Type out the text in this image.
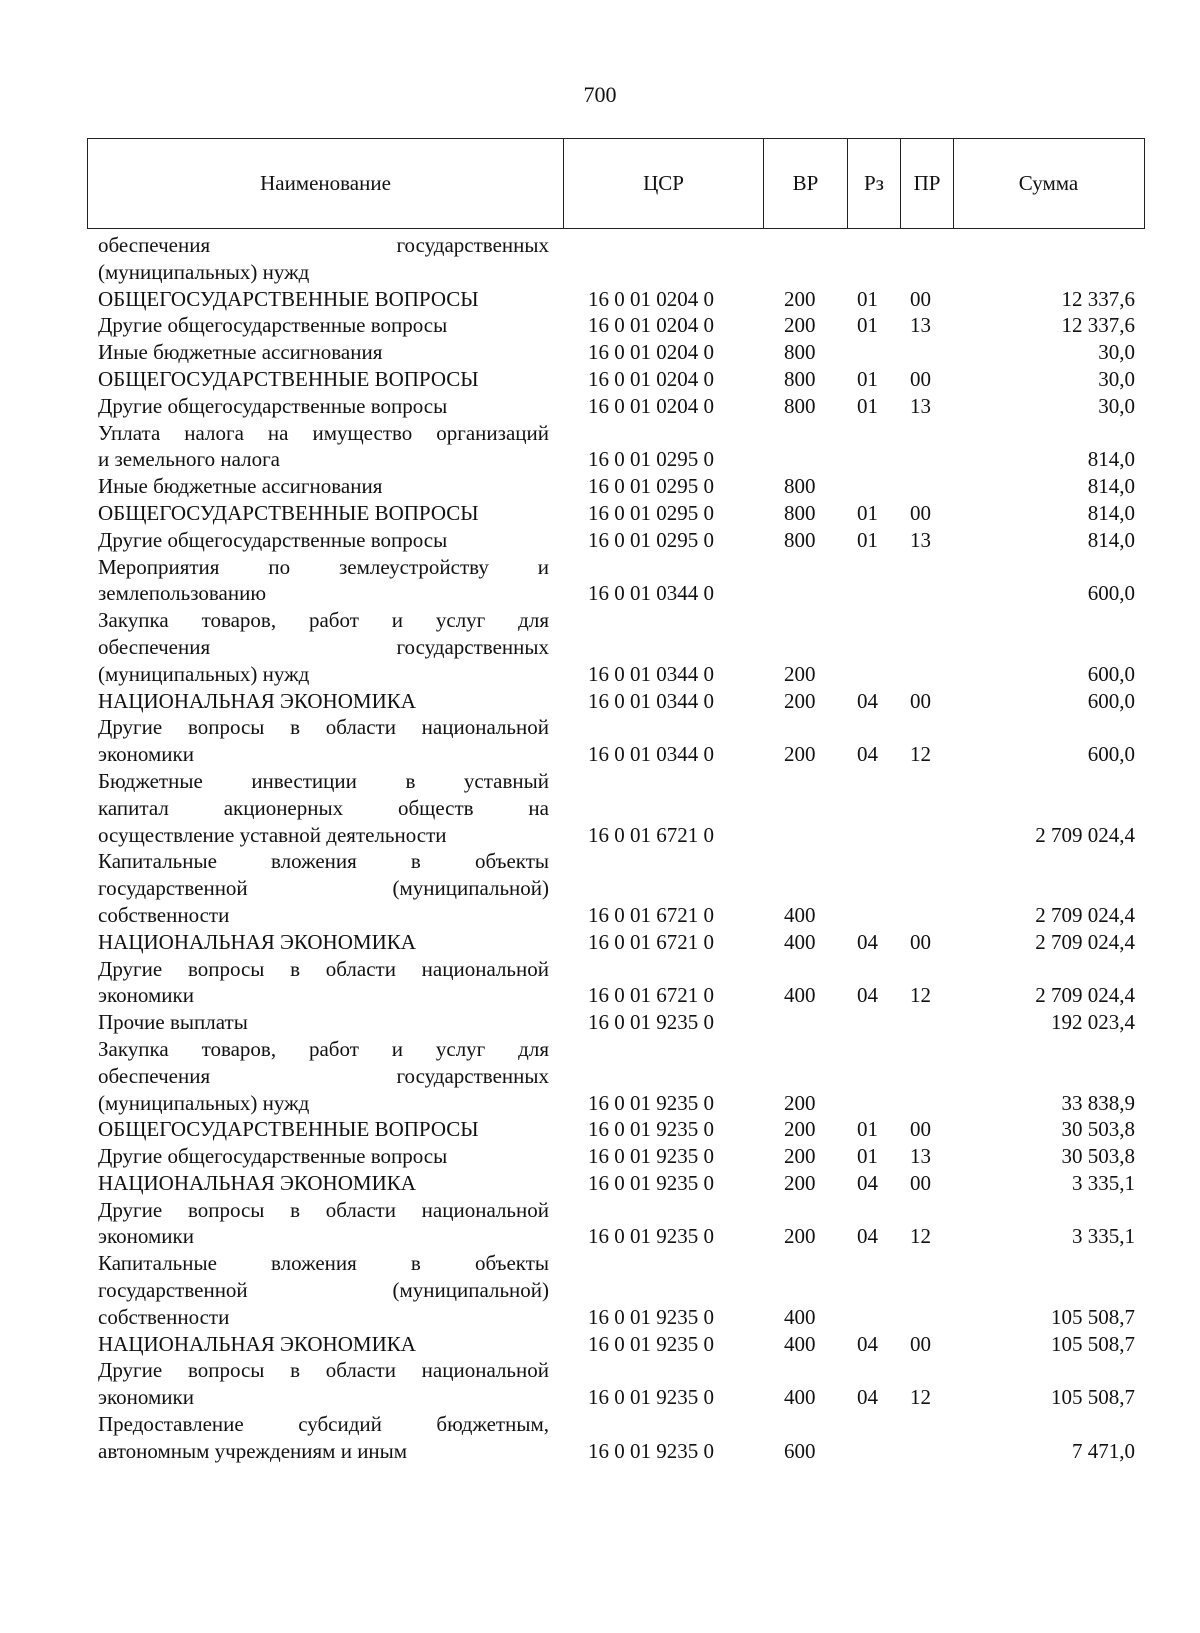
700
Наименование	ЦСР	ВР	Рз	ПР	Сумма
обеспечения государственных
(муниципальных) нужд
ОБЩЕГОСУДАРСТВЕННЫЕ ВОПРОСЫ	16 0 01 0204 0	200 01 00	12 337,6
Другие общегосударственные вопросы	16 0 01 0204 0	200 01 13	12 337,6
Иные бюджетные ассигнования	16 0 01 0204 0	800	30,0
ОБЩЕГОСУДАРСТВЕННЫЕ ВОПРОСЫ	16 0 01 0204 0	800 01 00	30,0
Другие общегосударственные вопросы	16 0 01 0204 0	800 01 13	30,0
Уплата налога на имущество организаций
и земельного налога	16 0 01 0295 0	814,0
Иные бюджетные ассигнования	16 0 01 0295 0	800	814,0
ОБЩЕГОСУДАРСТВЕННЫЕ ВОПРОСЫ	16 0 01 0295 0	800 01 00	814,0
Другие общегосударственные вопросы	16 0 01 0295 0	800 01 13	814,0
Мероприятия по землеустройству и
землепользованию	16 0 01 0344 0	600,0
Закупка товаров, работ и услуг для
обеспечения государственных
(муниципальных) нужд	16 0 01 0344 0	200	600,0
НАЦИОНАЛЬНАЯ ЭКОНОМИКА	16 0 01 0344 0	200 04 00	600,0
Другие вопросы в области национальной
экономики	16 0 01 0344 0	200 04 12	600,0
Бюджетные инвестиции в уставный
капитал акционерных обществ на
осуществление уставной деятельности	16 0 01 6721 0	2 709 024,4
Капитальные вложения в объекты
государственной (муниципальной)
собственности	16 0 01 6721 0	400	2 709 024,4
НАЦИОНАЛЬНАЯ ЭКОНОМИКА	16 0 01 6721 0	400 04 00	2 709 024,4
Другие вопросы в области национальной
экономики	16 0 01 6721 0	400 04 12	2 709 024,4
Прочие выплаты	16 0 01 9235 0	192 023,4
Закупка товаров, работ и услуг для
обеспечения государственных
(муниципальных) нужд	16 0 01 9235 0	200	33 838,9
ОБЩЕГОСУДАРСТВЕННЫЕ ВОПРОСЫ	16 0 01 9235 0	200 01 00	30 503,8
Другие общегосударственные вопросы	16 0 01 9235 0	200 01 13	30 503,8
НАЦИОНАЛЬНАЯ ЭКОНОМИКА	16 0 01 9235 0	200 04 00	3 335,1
Другие вопросы в области национальной
экономики	16 0 01 9235 0	200 04 12	3 335,1
Капитальные вложения в объекты
государственной (муниципальной)
собственности	16 0 01 9235 0	400	105 508,7
НАЦИОНАЛЬНАЯ ЭКОНОМИКА	16 0 01 9235 0	400 04 00	105 508,7
Другие вопросы в области национальной
экономики	16 0 01 9235 0	400 04 12	105 508,7
Предоставление субсидий бюджетным,
автономным учреждениям и иным	16 0 01 9235 0	600	7 471,0
